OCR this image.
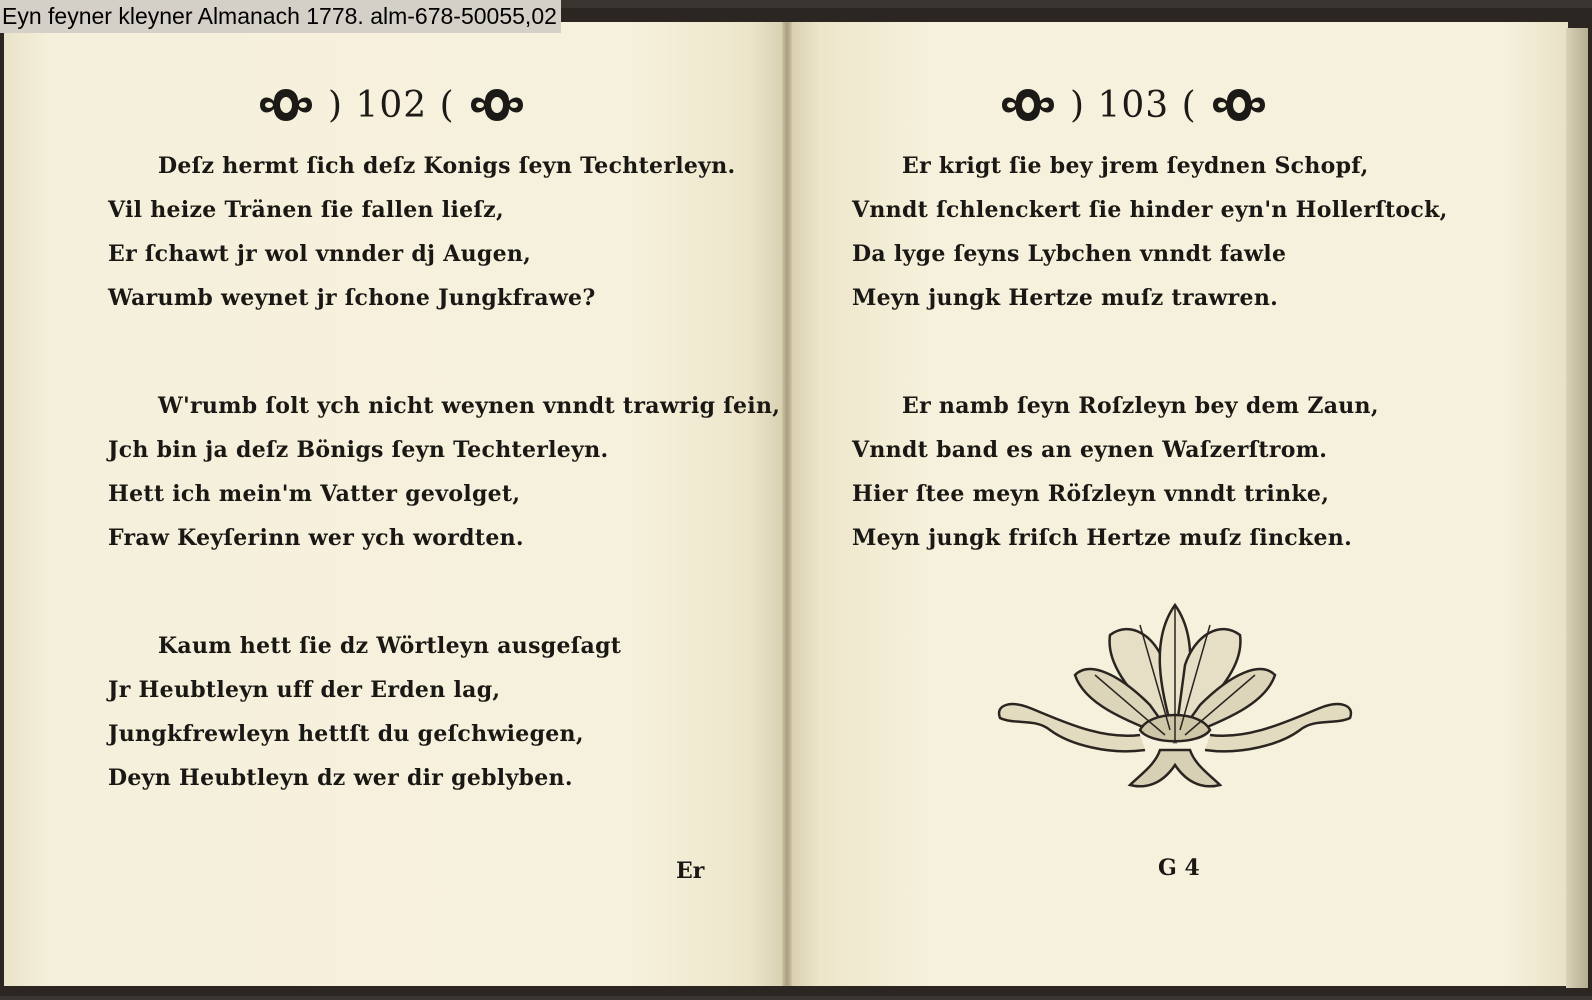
Eyn feyner kleyner Almanach 1778. alm-678-50055,02
) 102 (
Deſz hermt ſich deſz Konigs ſeyn Techterleyn.
Vil heize Tränen ſie fallen lieſz,
Er ſchawt jr wol vnnder dj Augen,
Warumb weynet jr ſchone Jungkfrawe?
W'rumb ſolt ych nicht weynen vnndt trawrig ſein,
Jch bin ja deſz Bönigs ſeyn Techterleyn.
Hett ich mein'm Vatter gevolget,
Fraw Keyſerinn wer ych wordten.
Kaum hett ſie dz Wörtleyn ausgeſagt
Jr Heubtleyn uff der Erden lag,
Jungkfrewleyn hettſt du geſchwiegen,
Deyn Heubtleyn dz wer dir geblyben.
Er
) 103 (
Er krigt ſie bey jrem ſeydnen Schopf,
Vnndt ſchlenckert ſie hinder eyn'n Hollerſtock,
Da lyge ſeyns Lybchen vnndt fawle
Meyn jungk Hertze muſz trawren.
Er namb ſeyn Roſzleyn bey dem Zaun,
Vnndt band es an eynen Waſzerſtrom.
Hier ſtee meyn Röſzleyn vnndt trinke,
Meyn jungk friſch Hertze muſz ſincken.
G 4
